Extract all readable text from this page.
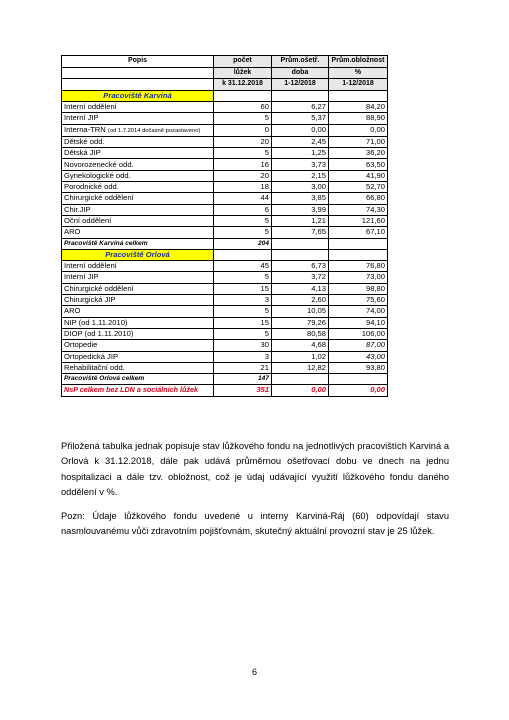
Popis	počet	Prům.ošetř.	Prům.obložnost
	lůžek	doba	%
	k 31.12.2018	1-12/2018	1-12/2018
Pracoviště Karviná			
Interní oddělení	60	6,27	84,20
Interní JIP	5	5,37	88,90
Interna-TRN (od 1.7.2014 dočasně pozastaveno)	0	0,00	0,00
Dětské odd.	20	2,45	71,00
Dětská JIP	5	1,25	36,20
Novorozenecké odd.	16	3,73	63,50
Gynekologické odd.	20	2,15	41,90
Porodnické odd.	18	3,00	52,70
Chirurgické oddělení	44	3,85	66,80
Chir.JIP	6	3,99	74,30
Oční oddělení	5	1,21	121,60
ARO	5	7,65	67,10
Pracoviště Karviná celkem	204		
Pracoviště Orlová			
Interní oddělení	45	6,73	76,80
Interní JIP	5	3,72	73,00
Chirurgické oddělení	15	4,13	98,80
Chirurgická JIP	3	2,60	75,60
ARO	5	10,05	74,00
NIP (od 1.11.2010)	15	79,26	94,10
DIOP (od 1.11.2010)	5	80,58	106,00
Ortopedie	30	4,68	87,00
Ortopedická JIP	3	1,02	43,00
Rehabilitační odd.	21	12,82	93,80
Pracoviště Orlová celkem	147		
NsP celkem bez LDN a sociálních lůžek	351	0,00	0,00

Přiložená tabulka jednak popisuje stav lůžkového fondu na jednotlivých pracovištích Karviná a Orlová k 31.12.2018, dále pak udává průměrnou ošetřovací dobu ve dnech na jednu hospitalizaci a dále tzv. obložnost, což je údaj udávající využití lůžkového fondu daného oddělení v %.

Pozn: Údaje lůžkového fondu uvedené u interny Karviná-Ráj (60) odpovídají stavu nasmlouvanému vůči zdravotním pojišťovnám, skutečný aktuální provozní stav je 25 lůžek.

6
